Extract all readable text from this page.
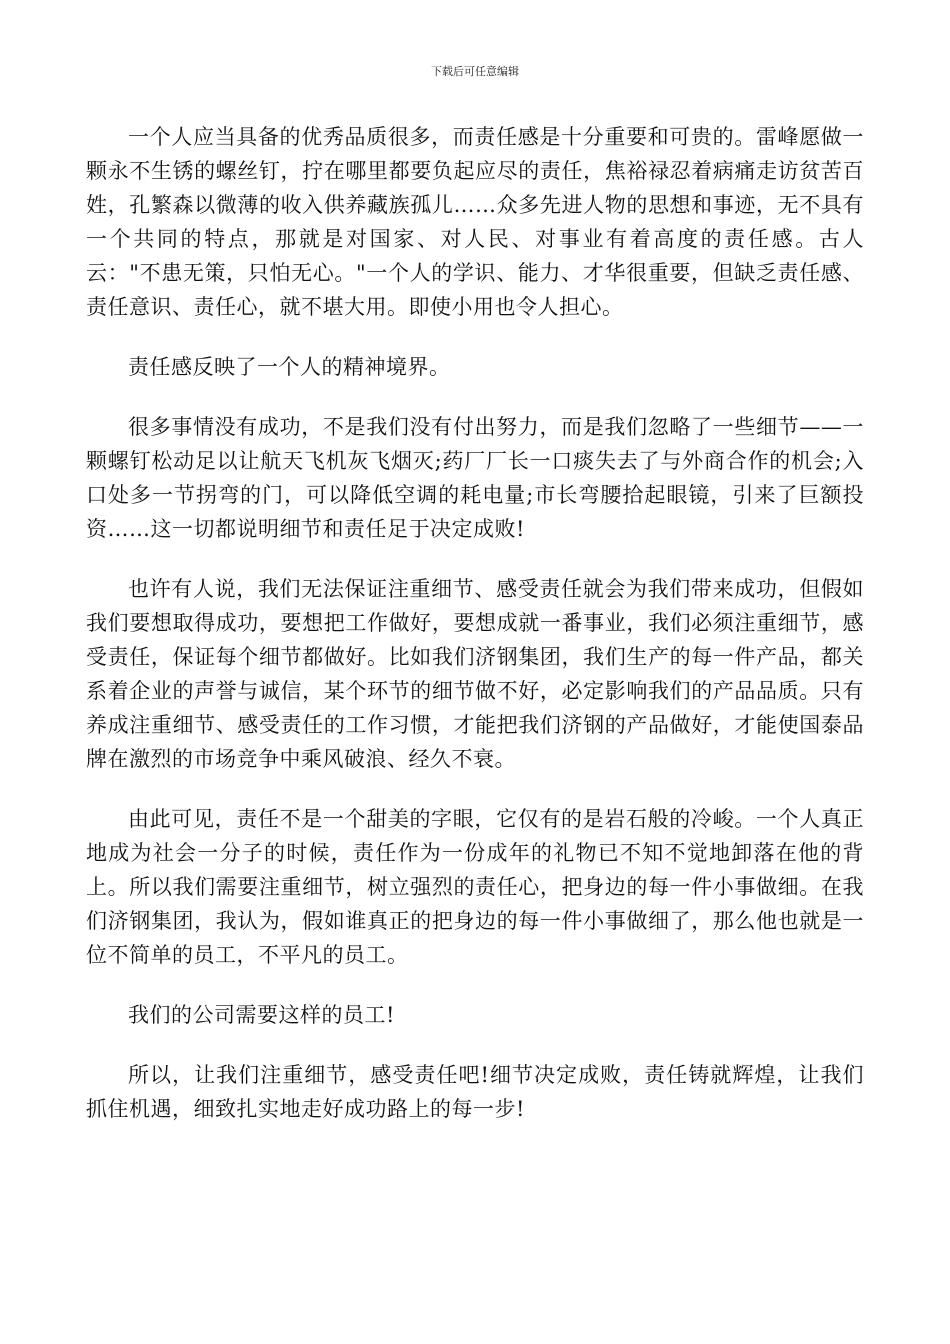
下载后可任意编辑

一个人应当具备的优秀品质很多，而责任感是十分重要和可贵的。雷峰愿做一颗永不生锈的螺丝钉，拧在哪里都要负起应尽的责任，焦裕禄忍着病痛走访贫苦百姓，孔繁森以微薄的收入供养藏族孤儿……众多先进人物的思想和事迹，无不具有一个共同的特点，那就是对国家、对人民、对事业有着高度的责任感。古人云："不患无策，只怕无心。"一个人的学识、能力、才华很重要，但缺乏责任感、责任意识、责任心，就不堪大用。即使小用也令人担心。

责任感反映了一个人的精神境界。

很多事情没有成功，不是我们没有付出努力，而是我们忽略了一些细节——一颗螺钉松动足以让航天飞机灰飞烟灭;药厂厂长一口痰失去了与外商合作的机会;入口处多一节拐弯的门，可以降低空调的耗电量;市长弯腰拾起眼镜，引来了巨额投资……这一切都说明细节和责任足于决定成败!

也许有人说，我们无法保证注重细节、感受责任就会为我们带来成功，但假如我们要想取得成功，要想把工作做好，要想成就一番事业，我们必须注重细节，感受责任，保证每个细节都做好。比如我们济钢集团，我们生产的每一件产品，都关系着企业的声誉与诚信，某个环节的细节做不好，必定影响我们的产品品质。只有养成注重细节、感受责任的工作习惯，才能把我们济钢的产品做好，才能使国泰品牌在激烈的市场竞争中乘风破浪、经久不衰。

由此可见，责任不是一个甜美的字眼，它仅有的是岩石般的冷峻。一个人真正地成为社会一分子的时候，责任作为一份成年的礼物已不知不觉地卸落在他的背上。所以我们需要注重细节，树立强烈的责任心，把身边的每一件小事做细。在我们济钢集团，我认为，假如谁真正的把身边的每一件小事做细了，那么他也就是一位不简单的员工，不平凡的员工。

我们的公司需要这样的员工!

所以，让我们注重细节，感受责任吧!细节决定成败，责任铸就辉煌，让我们抓住机遇，细致扎实地走好成功路上的每一步!
